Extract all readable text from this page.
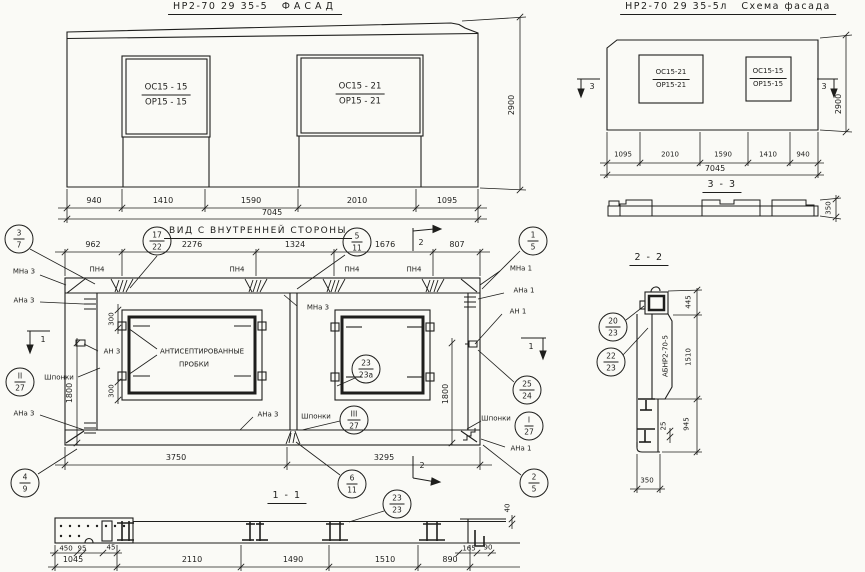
НР2-70 29 35-5 ФАСАД
ОС15 - 15
ОР15 - 15
ОС15 - 21
ОР15 - 21
940	1410	1590	2010	1095
7045
2900
НР2-70 29 35-5л Схема фасада
ОС15-21
ОР15-21
ОС15-15
ОР15-15
1095	2010	1590	1410	940
7045
2900
3	3
3 - 3
350
ВИД С ВНУТРЕННЕЙ СТОРОНЫ
962	2276	1324	1676	807
ПН4	ПН4	ПН4	ПН4
2
2
1
1
МНа 3
АНа 3
АН 3
АНа 3
МНа 3
АНа 3
МНа 1
АНа 1
АН 1
АНа 1
Шпонки
Шпонки	Шпонки
АНТИСЕПТИРОВАННЫЕ
ПРОБКИ
300
300
1800	1800
3750	3295
40
1 - 1
450 95	45
1045	2110	1490	1510	890
165 90
2 - 2
АБНР2-70-5
445
1510
945
25
350
3
7
17
22
5
11
1
5
II
27
23
23а
III
27
25
24
I
27
4
9
6
11
2
5
23
23
20
23
22
23
